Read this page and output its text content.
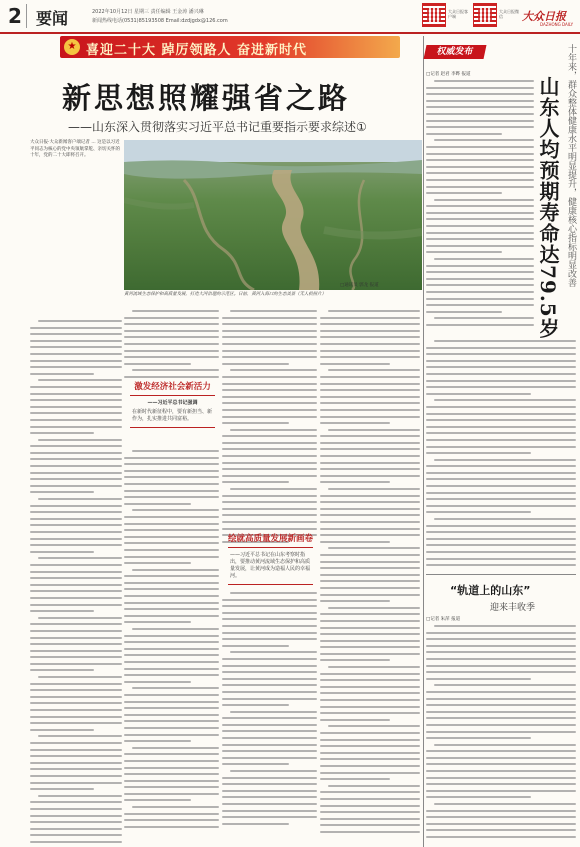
2 要闻	2022年10月12日 星期三 责任编辑 王金涛 潘兴琳
新闻热线电话(0531)85193508 Email:dzdjgdx@126.com
大众日报客户端
大众日报微信	大众日报
DAZHONG DAILY
★ 喜迎二十大 踔厉领路人 奋进新时代
新思想照耀强省之路
——山东深入贯彻落实习近平总书记重要指示要求综述①
大众日报·大众新闻客户端记者 ... 这是以习近平同志为核心的党中央领航掌舵、亲切关怀的十年，党的二十大即将召开。
□通讯员 郭龙 报道
黄河流域生态保护和高质量发展，打造大河治理的示范区。日前，黄河入海口的生态美景（无人机照片）
激发经济社会新活力
——习近平总书记强调
在新时代新征程中，要有新担当、新作为，扎实推进共同富裕。
绘就高质量发展新画卷
——习近平总书记在山东考察时指出，要推动黄河流域生态保护和高质量发展，让黄河成为造福人民的幸福河。
权威发布	十年来，群众整体健康水平明显提升，健康核心指标明显改善
山东人均预期寿命达79.5岁
□记者 赵君 李晔 报道
“轨道上的山东”
迎来丰收季
□记者 朱萍 报道
